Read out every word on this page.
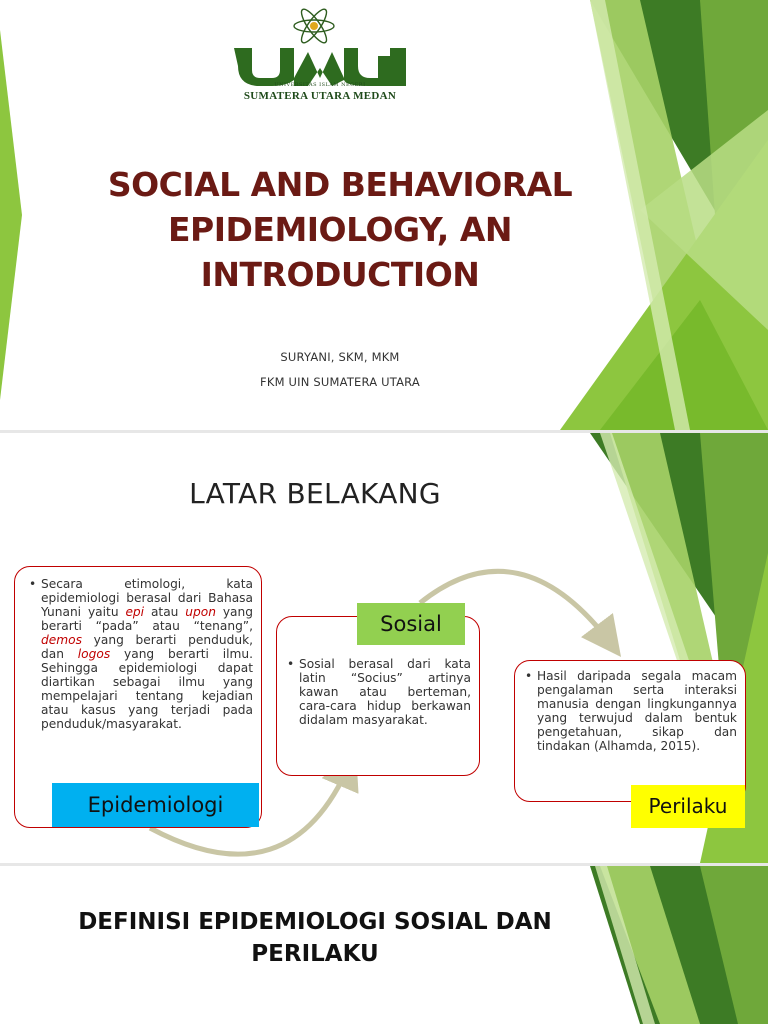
UNIVERSITAS ISLAM NEGERI
SUMATERA UTARA MEDAN
SOCIAL AND BEHAVIORAL EPIDEMIOLOGY, AN INTRODUCTION
SURYANI, SKM, MKM
FKM UIN SUMATERA UTARA
LATAR BELAKANG
• Secara etimologi, kata epidemiologi berasal dari Bahasa Yunani yaitu epi atau upon yang berarti “pada” atau “tenang”, demos yang berarti penduduk, dan logos yang berarti ilmu. Sehingga epidemiologi dapat diartikan sebagai ilmu yang mempelajari tentang kejadian atau kasus yang terjadi pada penduduk/masyarakat.
Epidemiologi
• Sosial berasal dari kata latin “Socius” artinya kawan atau berteman, cara-cara hidup berkawan didalam masyarakat.
Sosial
• Hasil daripada segala macam pengalaman serta interaksi manusia dengan lingkungannya yang terwujud dalam bentuk pengetahuan, sikap dan tindakan (Alhamda, 2015).
Perilaku
DEFINISI EPIDEMIOLOGI SOSIAL DAN PERILAKU
